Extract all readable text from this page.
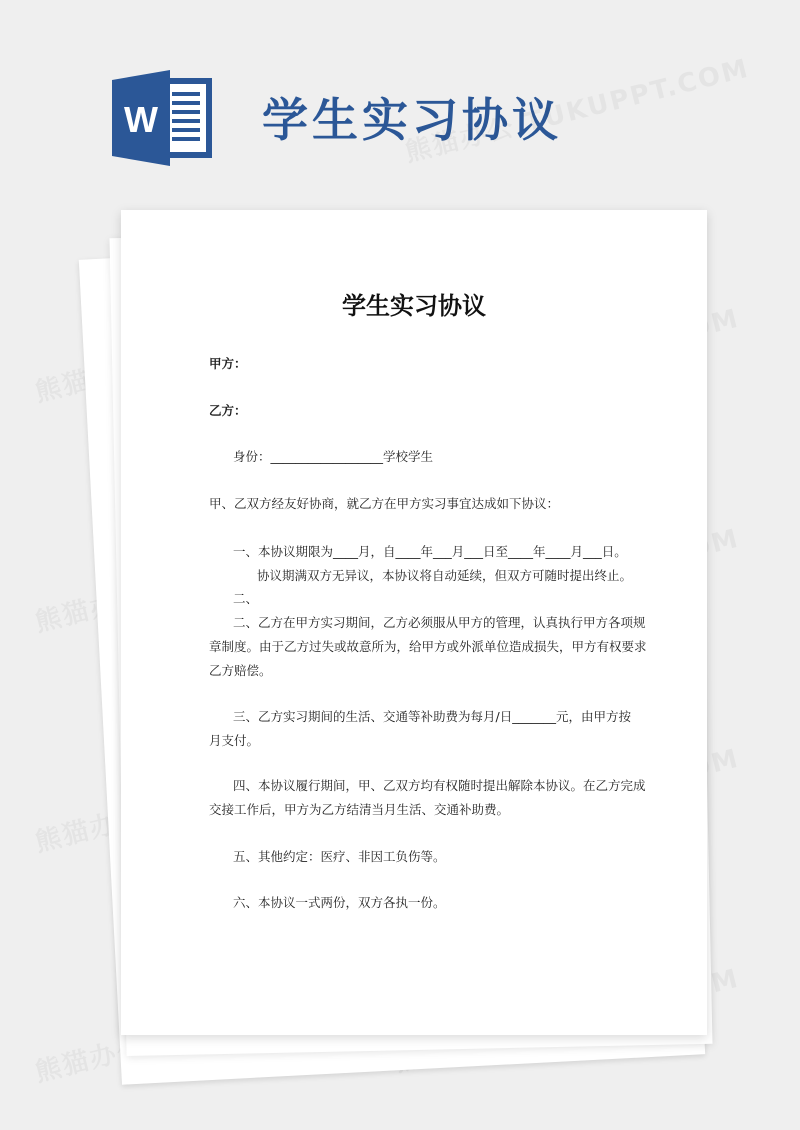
W 学生实习协议
学生实习协议
甲方：
乙方：
身份：__________________学校学生
甲、乙双方经友好协商，就乙方在甲方实习事宜达成如下协议：
一、本协议期限为____月，自____年___月___日至____年____月___日。
协议期满双方无异议，本协议将自动延续，但双方可随时提出终止。
二、
二、乙方在甲方实习期间，乙方必须服从甲方的管理，认真执行甲方各项规
章制度。由于乙方过失或故意所为，给甲方或外派单位造成损失，甲方有权要求
乙方赔偿。
三、乙方实习期间的生活、交通等补助费为每月/日_______元，由甲方按
月支付。
四、本协议履行期间，甲、乙双方均有权随时提出解除本协议。在乙方完成
交接工作后，甲方为乙方结清当月生活、交通补助费。
五、其他约定：医疗、非因工负伤等。
六、本协议一式两份，双方各执一份。
